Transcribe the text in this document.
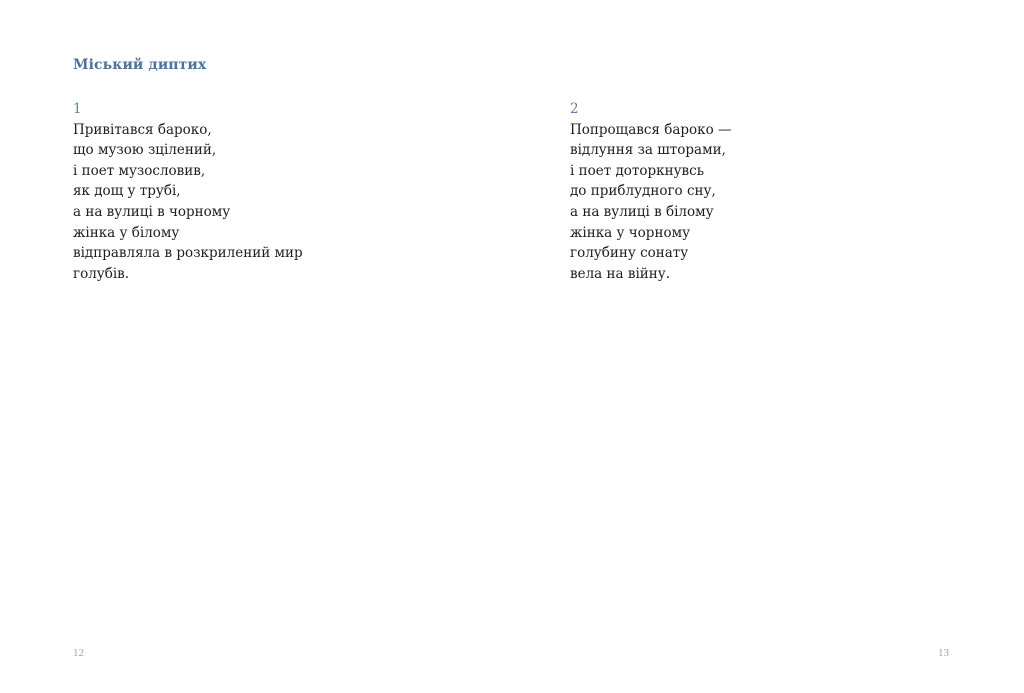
Міський диптих
1
Привітався бароко,
що музою зцілений,
і поет музословив,
як дощ у трубі,
а на вулиці в чорному
жінка у білому
відправляла в розкрилений мир
голубів.
2
Попрощався бароко —
відлуння за шторами,
і поет доторкнувсь
до приблудного сну,
а на вулиці в білому
жінка у чорному
голубину сонату
вела на війну.
12	13
